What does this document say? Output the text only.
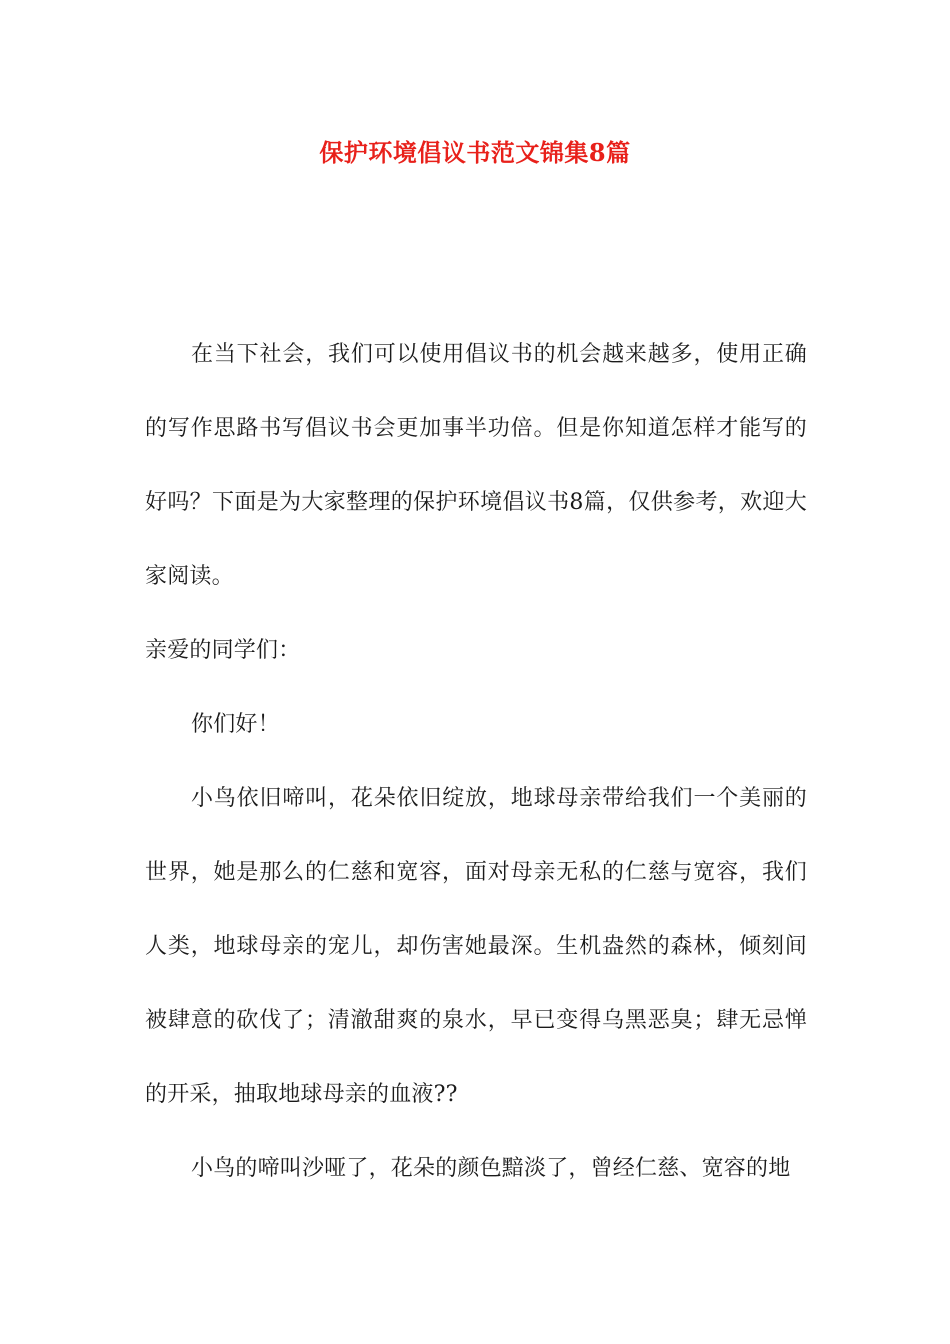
保护环境倡议书范文锦集8篇

在当下社会，我们可以使用倡议书的机会越来越多，使用正确的写作思路书写倡议书会更加事半功倍。但是你知道怎样才能写的好吗？下面是为大家整理的保护环境倡议书8篇，仅供参考，欢迎大家阅读。

亲爱的同学们：

你们好！

小鸟依旧啼叫，花朵依旧绽放，地球母亲带给我们一个美丽的世界，她是那么的仁慈和宽容，面对母亲无私的仁慈与宽容，我们人类，地球母亲的宠儿，却伤害她最深。生机盎然的森林，倾刻间被肆意的砍伐了；清澈甜爽的泉水，早已变得乌黑恶臭；肆无忌惮的开采，抽取地球母亲的血液??

小鸟的啼叫沙哑了，花朵的颜色黯淡了，曾经仁慈、宽容的地
